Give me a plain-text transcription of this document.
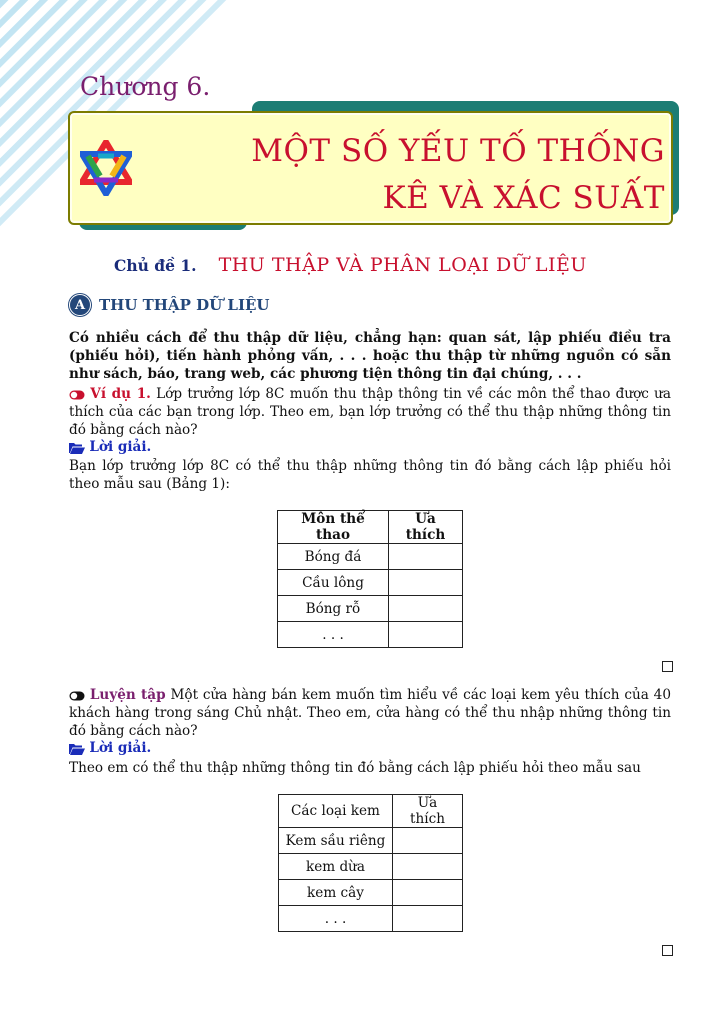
Chương 6.
MỘT SỐ YẾU TỐ THỐNG
KÊ VÀ XÁC SUẤT
Chủ đề 1. THU THẬP VÀ PHÂN LOẠI DỮ LIỆU
A THU THẬP DỮ LIỆU
Có nhiều cách để thu thập dữ liệu, chẳng hạn: quan sát, lập phiếu điều tra (phiếu hỏi), tiến hành phỏng vấn, . . . hoặc thu thập từ những nguồn có sẵn như sách, báo, trang web, các phương tiện thông tin đại chúng, . . .
Ví dụ 1. Lớp trưởng lớp 8C muốn thu thập thông tin về các môn thể thao được ưa thích của các bạn trong lớp. Theo em, bạn lớp trưởng có thể thu thập những thông tin đó bằng cách nào?
Lời giải.
Bạn lớp trưởng lớp 8C có thể thu thập những thông tin đó bằng cách lập phiếu hỏi theo mẫu sau (Bảng 1):
Môn thể thao	Ưa thích
Bóng đá	
Cầu lông	
Bóng rỗ	
. . .	
Luyện tập Một cửa hàng bán kem muốn tìm hiểu về các loại kem yêu thích của 40 khách hàng trong sáng Chủ nhật. Theo em, cửa hàng có thể thu nhập những thông tin đó bằng cách nào?
Lời giải.
Theo em có thể thu thập những thông tin đó bằng cách lập phiếu hỏi theo mẫu sau
Các loại kem	Ưa thích
Kem sầu riêng	
kem dừa	
kem cây	
. . .	
